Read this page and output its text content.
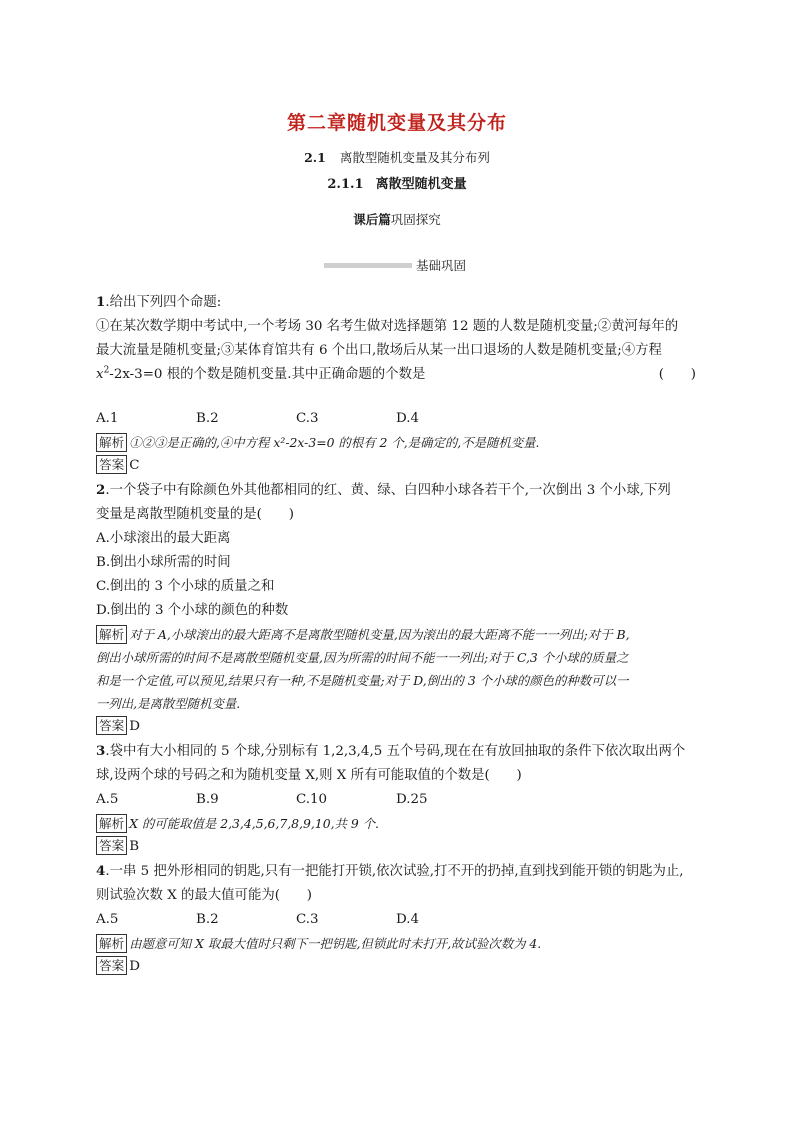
第二章随机变量及其分布
2.1 离散型随机变量及其分布列
2.1.1 离散型随机变量
课后篇巩固探究
基础巩固

1.给出下列四个命题:

①在某次数学期中考试中,一个考场 30 名考生做对选择题第 12 题的人数是随机变量;②黄河每年的

最大流量是随机变量;③某体育馆共有 6 个出口,散场后从某一出口退场的人数是随机变量;④方程

$x^2-2x-3=0$ 根的个数是随机变量.其中正确命题的个数是	(　　)

A.1	B.2	C.3	D.4

解析 ①②③是正确的,④中方程 x²-2x-3=0 的根有 2 个,是确定的,不是随机变量.

答案 C

2.一个袋子中有除颜色外其他都相同的红、黄、绿、白四种小球各若干个,一次倒出 3 个小球,下列

变量是离散型随机变量的是(　　)

A.小球滚出的最大距离

B.倒出小球所需的时间

C.倒出的 3 个小球的质量之和

D.倒出的 3 个小球的颜色的种数

解析 对于 A,小球滚出的最大距离不是离散型随机变量,因为滚出的最大距离不能一一列出;对于 B,

倒出小球所需的时间不是离散型随机变量,因为所需的时间不能一一列出;对于 C,3 个小球的质量之

和是一个定值,可以预见,结果只有一种,不是随机变量;对于 D,倒出的 3 个小球的颜色的种数可以一

一列出,是离散型随机变量.

答案 D

3.袋中有大小相同的 5 个球,分别标有 1,2,3,4,5 五个号码,现在在有放回抽取的条件下依次取出两个

球,设两个球的号码之和为随机变量 X,则 X 所有可能取值的个数是(　　)

A.5	B.9	C.10	D.25

解析 X 的可能取值是 2,3,4,5,6,7,8,9,10,共 9 个.

答案 B

4.一串 5 把外形相同的钥匙,只有一把能打开锁,依次试验,打不开的扔掉,直到找到能开锁的钥匙为止,

则试验次数 X 的最大值可能为(　　)

A.5	B.2	C.3	D.4

解析 由题意可知 X 取最大值时只剩下一把钥匙,但锁此时未打开,故试验次数为 4.

答案 D
